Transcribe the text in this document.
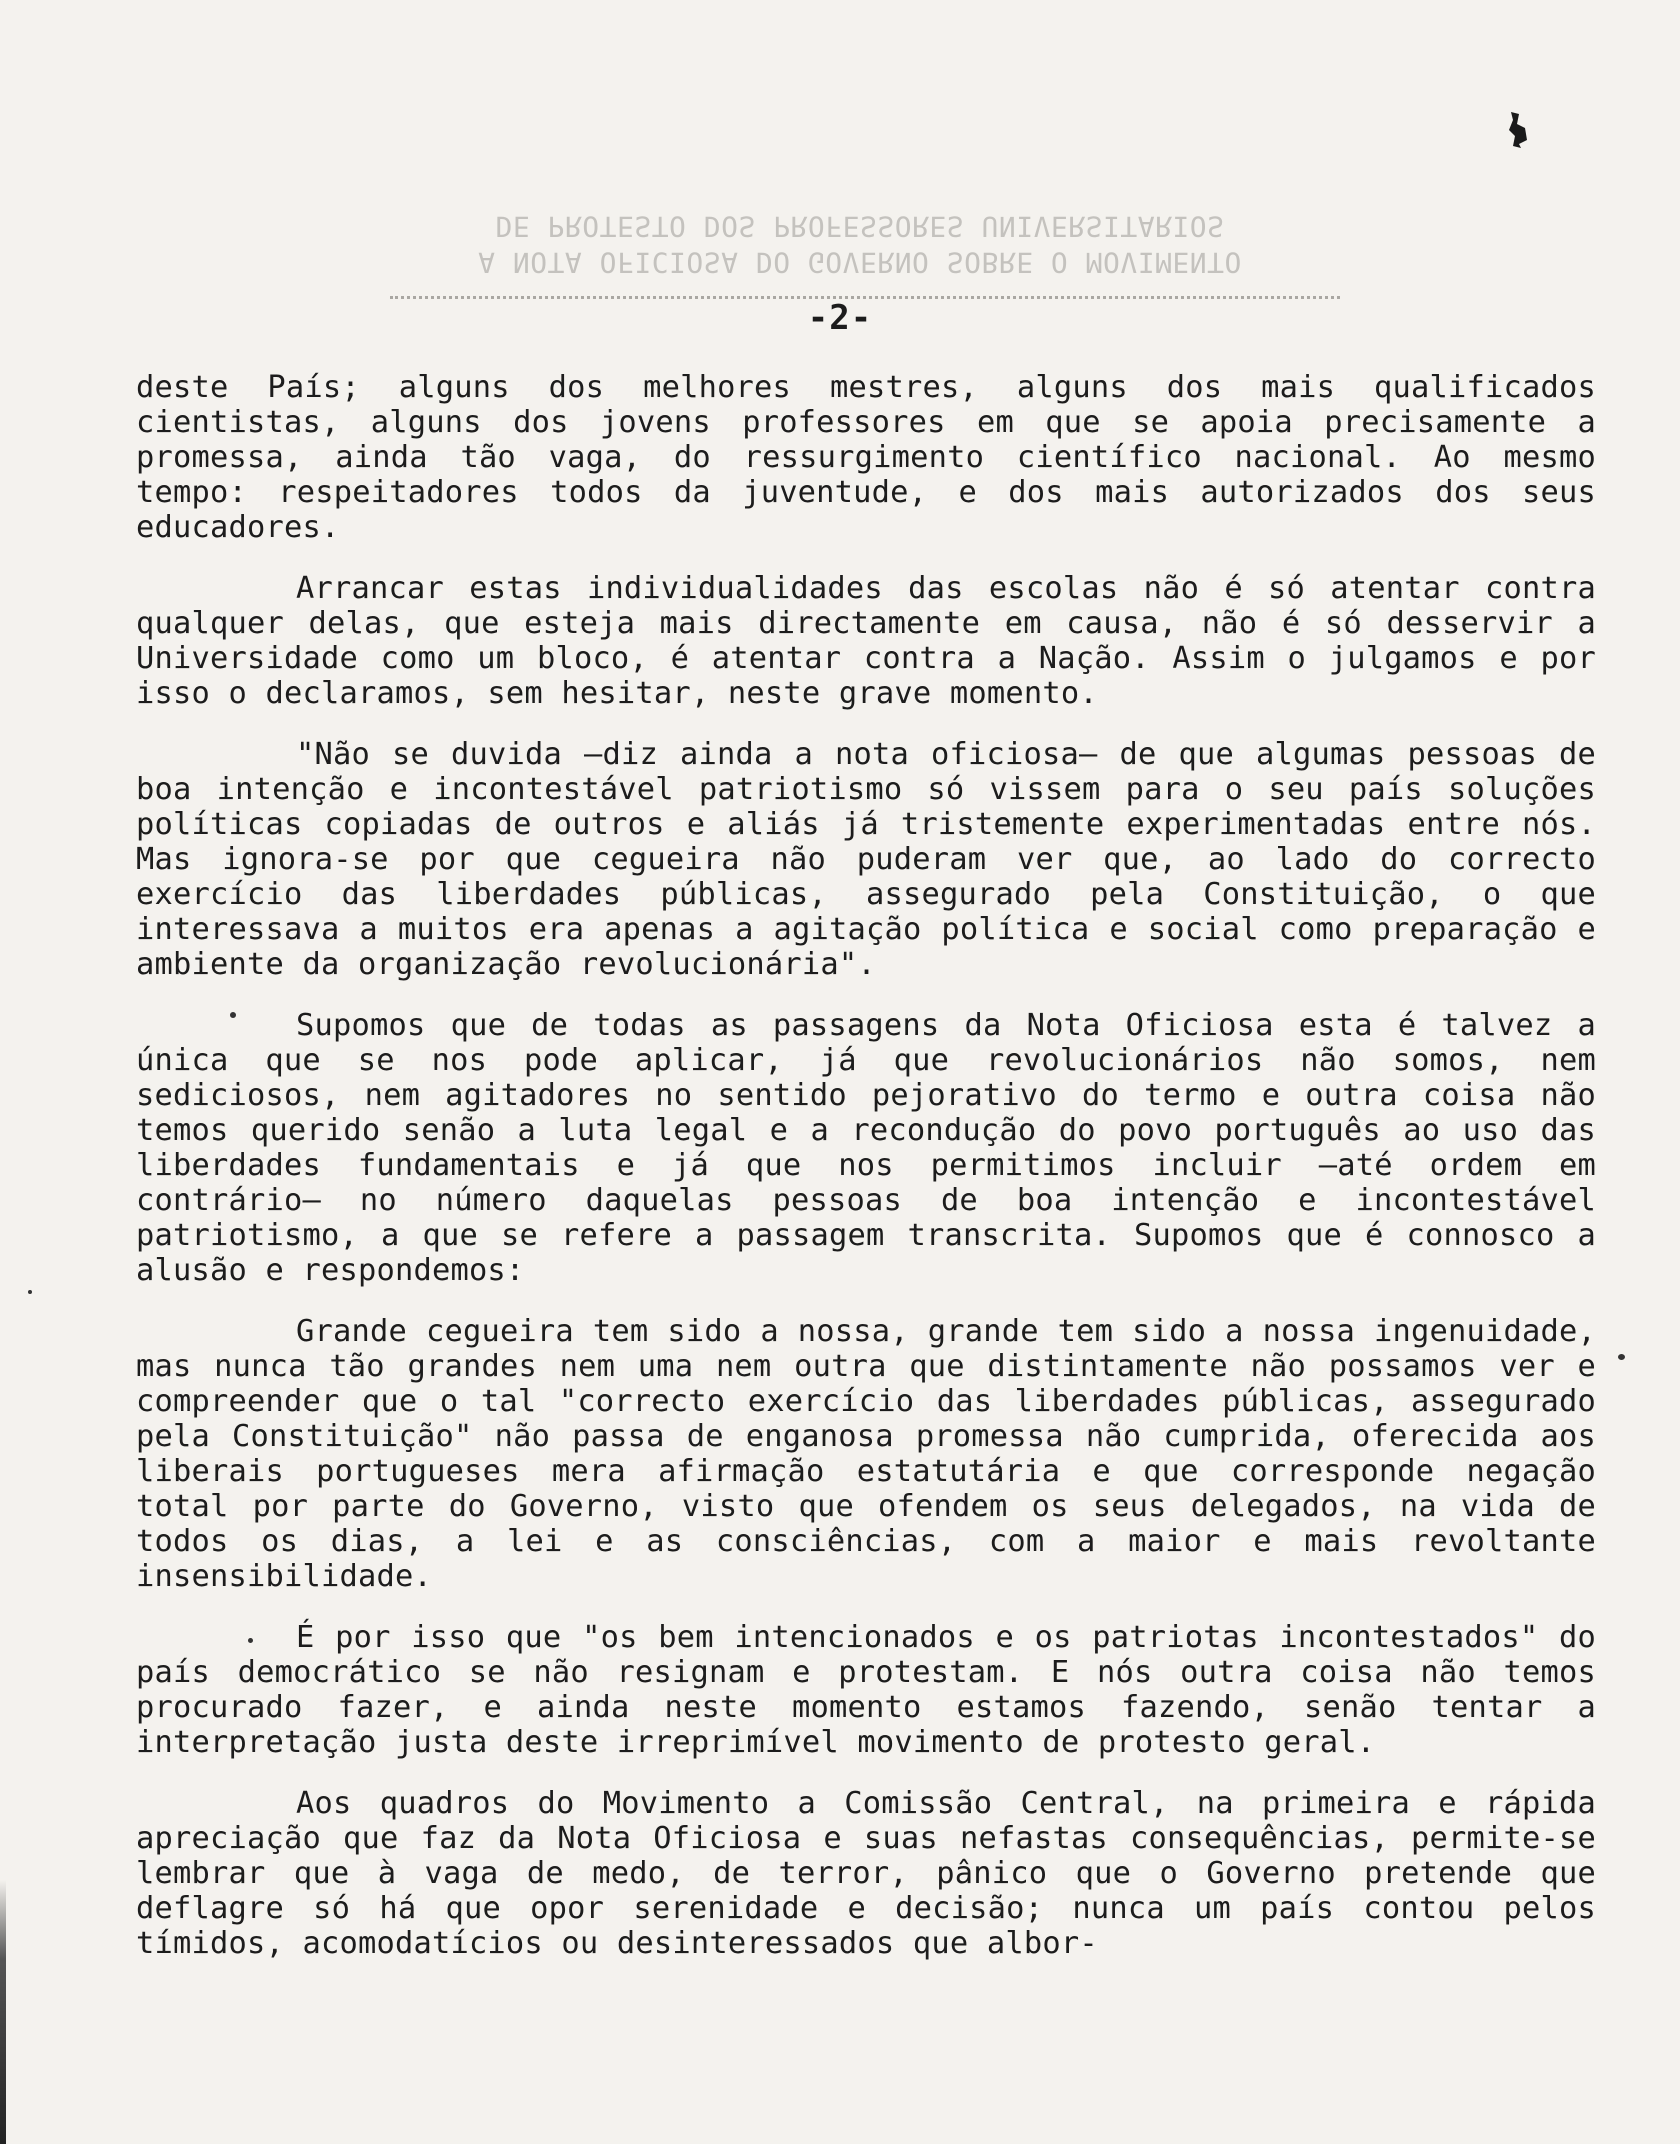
A NOTA OFICIOSA DO GOVERNO SOBRE O MOVIMENTO
DE PROTESTO DOS PROFESSORES UNIVERSITARIOS
-2-

deste País; alguns dos melhores mestres, alguns dos mais qualificados cientistas, alguns dos jovens professores em que se apoia precisamente a promessa, ainda tão vaga, do ressurgimento científico nacional. Ao mesmo tempo: respeitadores todos da juventude, e dos mais autorizados dos seus educadores.

Arrancar estas individualidades das escolas não é só atentar contra qualquer delas, que esteja mais directamente em causa, não é só desservir a Universidade como um bloco, é atentar contra a Nação. Assim o julgamos e por isso o declaramos, sem hesitar, neste grave momento.

"Não se duvida —diz ainda a nota oficiosa— de que algumas pessoas de boa intenção e incontestável patriotismo só vissem para o seu país soluções políticas copiadas de outros e aliás já tristemente experimentadas entre nós. Mas ignora-se por que cegueira não puderam ver que, ao lado do correcto exercício das liberdades públicas, assegurado pela Constituição, o que interessava a muitos era apenas a agitação política e social como preparação e ambiente da organização revolucionária".

Supomos que de todas as passagens da Nota Oficiosa esta é talvez a única que se nos pode aplicar, já que revolucionários não somos, nem sediciosos, nem agitadores no sentido pejorativo do termo e outra coisa não temos querido senão a luta legal e a recondução do povo português ao uso das liberdades fundamentais e já que nos permitimos incluir —até ordem em contrário— no número daquelas pessoas de boa intenção e incontestável patriotismo, a que se refere a passagem transcrita. Supomos que é connosco a alusão e respondemos:

Grande cegueira tem sido a nossa, grande tem sido a nossa ingenuidade, mas nunca tão grandes nem uma nem outra que distintamente não possamos ver e compreender que o tal "correcto exercício das liberdades públicas, assegurado pela Constituição" não passa de enganosa promessa não cumprida, oferecida aos liberais portugueses mera afirmação estatutária e que corresponde negação total por parte do Governo, visto que ofendem os seus delegados, na vida de todos os dias, a lei e as consciências, com a maior e mais revoltante insensibilidade.

É por isso que "os bem intencionados e os patriotas incontestados" do país democrático se não resignam e protestam. E nós outra coisa não temos procurado fazer, e ainda neste momento estamos fazendo, senão tentar a interpretação justa deste irreprimível movimento de protesto geral.

Aos quadros do Movimento a Comissão Central, na primeira e rápida apreciação que faz da Nota Oficiosa e suas nefastas consequências, permite-se lembrar que à vaga de medo, de terror, pânico que o Governo pretende que deflagre só há que opor serenidade e decisão; nunca um país contou pelos tímidos, acomodatícios ou desinteressados que albor-
